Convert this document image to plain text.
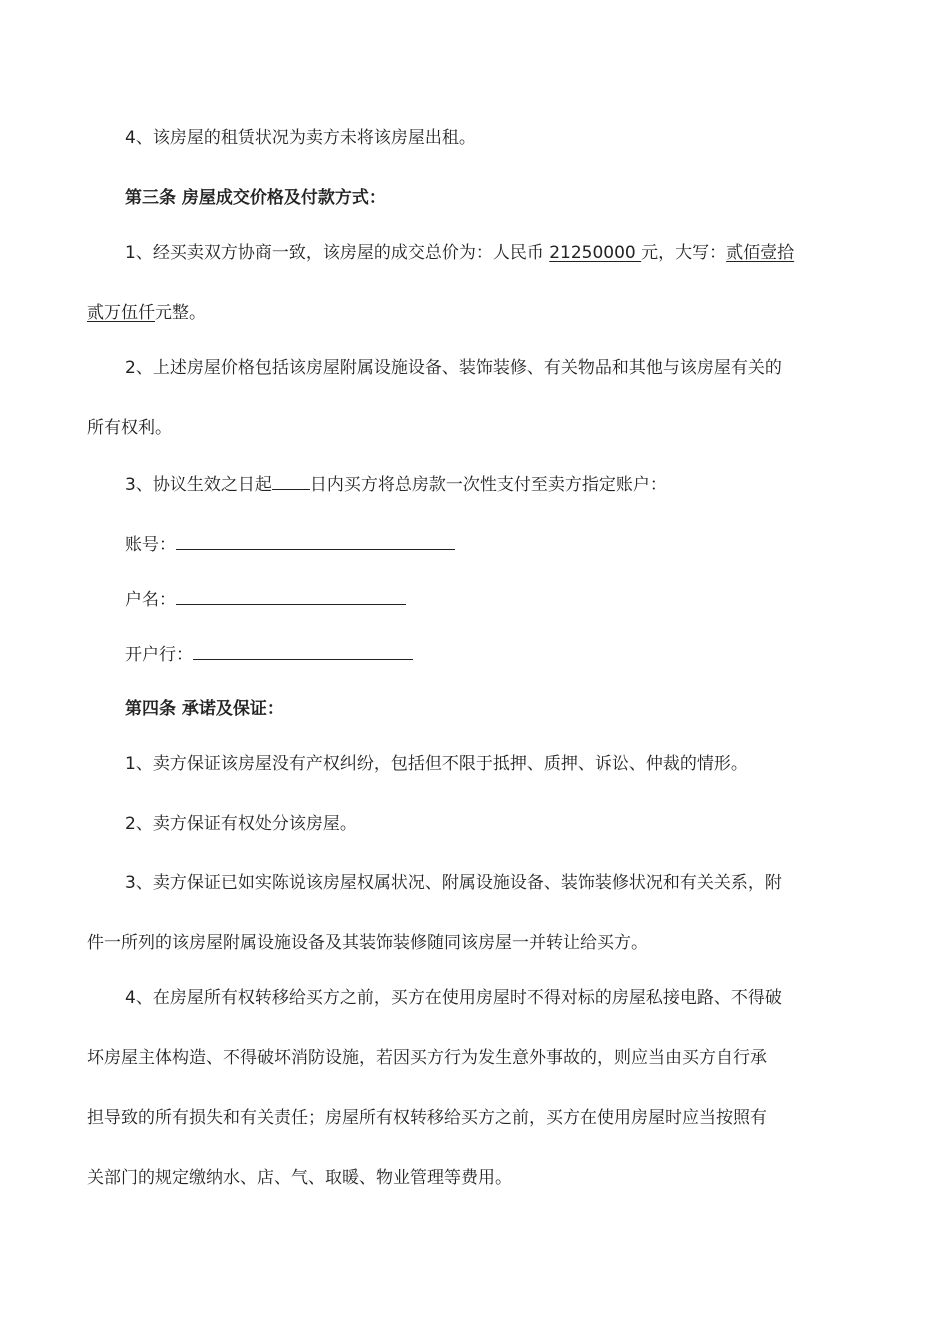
4、该房屋的租赁状况为卖方未将该房屋出租。
第三条 房屋成交价格及付款方式：
1、经买卖双方协商一致，该房屋的成交总价为：人民币 21250000 元，大写：贰佰壹拾
贰万伍仟元整。
2、上述房屋价格包括该房屋附属设施设备、装饰装修、有关物品和其他与该房屋有关的
所有权利。
3、协议生效之日起 日内买方将总房款一次性支付至卖方指定账户：
账号：
户名：
开户行：
第四条 承诺及保证：
1、卖方保证该房屋没有产权纠纷，包括但不限于抵押、质押、诉讼、仲裁的情形。
2、卖方保证有权处分该房屋。
3、卖方保证已如实陈说该房屋权属状况、附属设施设备、装饰装修状况和有关关系，附
件一所列的该房屋附属设施设备及其装饰装修随同该房屋一并转让给买方。
4、在房屋所有权转移给买方之前，买方在使用房屋时不得对标的房屋私接电路、不得破
坏房屋主体构造、不得破坏消防设施，若因买方行为发生意外事故的，则应当由买方自行承
担导致的所有损失和有关责任；房屋所有权转移给买方之前，买方在使用房屋时应当按照有
关部门的规定缴纳水、店、气、取暖、物业管理等费用。
